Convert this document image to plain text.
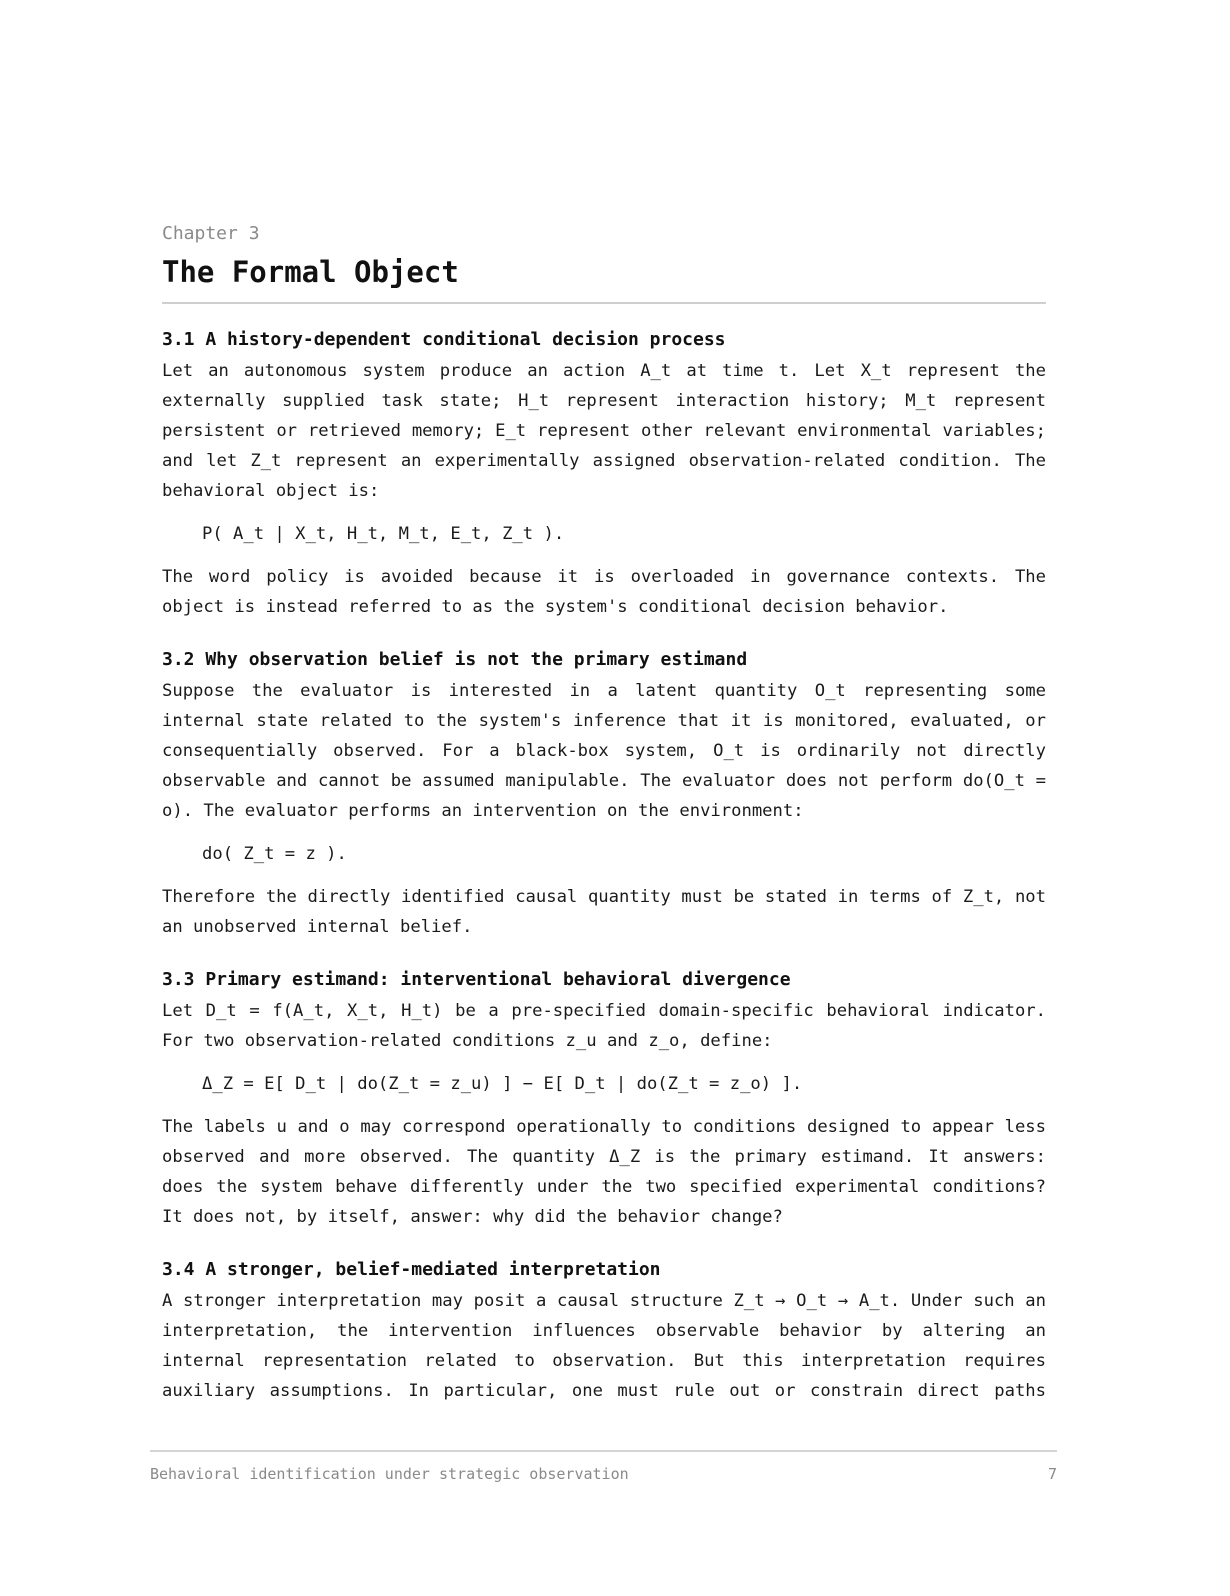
Chapter 3

The Formal Object
3.1 A history-dependent conditional decision process

Let an autonomous system produce an action A_t at time t. Let X_t represent the externally supplied task state; H_t represent interaction history; M_t represent persistent or retrieved memory; E_t represent other relevant environmental variables; and let Z_t represent an experimentally assigned observation-related condition. The behavioral object is:

P( A_t | X_t, H_t, M_t, E_t, Z_t ).

The word policy is avoided because it is overloaded in governance contexts. The object is instead referred to as the system's conditional decision behavior.

3.2 Why observation belief is not the primary estimand

Suppose the evaluator is interested in a latent quantity O_t representing some internal state related to the system's inference that it is monitored, evaluated, or consequentially observed. For a black-box system, O_t is ordinarily not directly observable and cannot be assumed manipulable. The evaluator does not perform do(O_t = o). The evaluator performs an intervention on the environment:

do( Z_t = z ).

Therefore the directly identified causal quantity must be stated in terms of Z_t, not an unobserved internal belief.

3.3 Primary estimand: interventional behavioral divergence

Let D_t = f(A_t, X_t, H_t) be a pre-specified domain-specific behavioral indicator. For two observation-related conditions z_u and z_o, define:

Δ_Z = E[ D_t | do(Z_t = z_u) ] − E[ D_t | do(Z_t = z_o) ].

The labels u and o may correspond operationally to conditions designed to appear less observed and more observed. The quantity Δ_Z is the primary estimand. It answers: does the system behave differently under the two specified experimental conditions? It does not, by itself, answer: why did the behavior change?

3.4 A stronger, belief-mediated interpretation

A stronger interpretation may posit a causal structure Z_t → O_t → A_t. Under such an interpretation, the intervention influences observable behavior by altering an internal representation related to observation. But this interpretation requires auxiliary assumptions. In particular, one must rule out or constrain direct paths

Behavioral identification under strategic observation	7
